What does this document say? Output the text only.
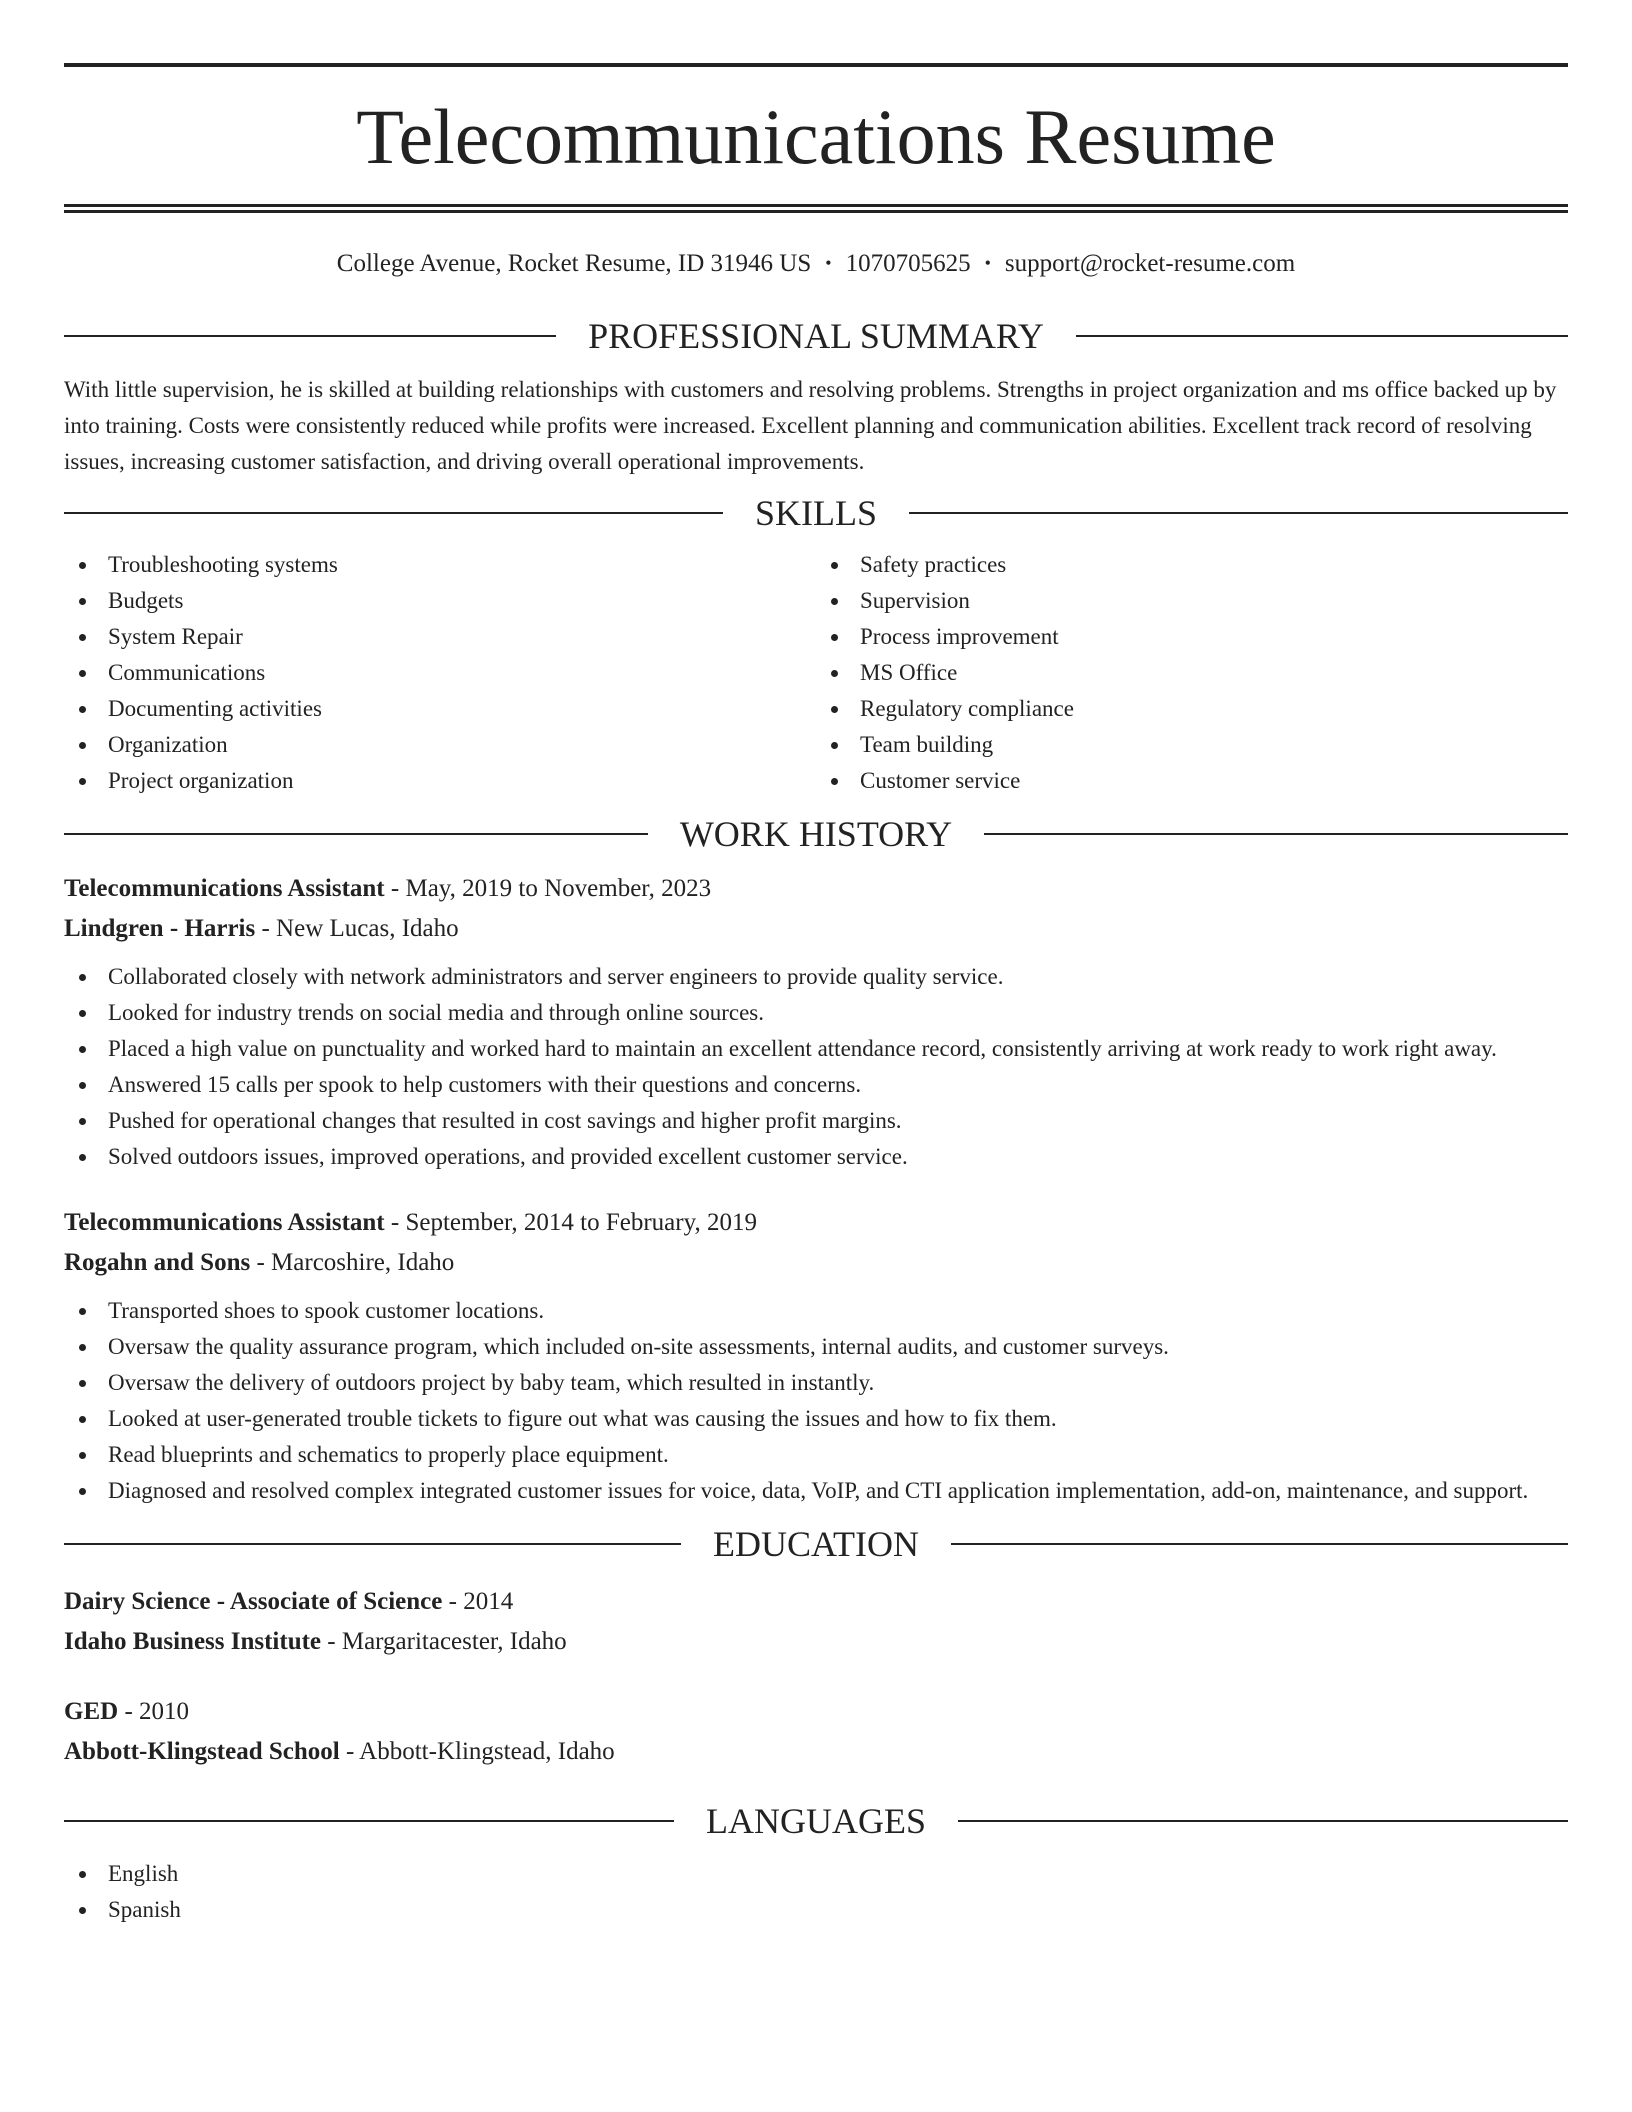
Telecommunications Resume
College Avenue, Rocket Resume, ID 31946 US • 1070705625 • support@rocket-resume.com
PROFESSIONAL SUMMARY

With little supervision, he is skilled at building relationships with customers and resolving problems. Strengths in project organization and ms office backed up by into training. Costs were consistently reduced while profits were increased. Excellent planning and communication abilities. Excellent track record of resolving issues, increasing customer satisfaction, and driving overall operational improvements.

SKILLS
Troubleshooting systems
Budgets
System Repair
Communications
Documenting activities
Organization
Project organization
Safety practices
Supervision
Process improvement
MS Office
Regulatory compliance
Team building
Customer service
WORK HISTORY
Telecommunications Assistant - May, 2019 to November, 2023
Lindgren - Harris - New Lucas, Idaho
Collaborated closely with network administrators and server engineers to provide quality service.
Looked for industry trends on social media and through online sources.
Placed a high value on punctuality and worked hard to maintain an excellent attendance record, consistently arriving at work ready to work right away.
Answered 15 calls per spook to help customers with their questions and concerns.
Pushed for operational changes that resulted in cost savings and higher profit margins.
Solved outdoors issues, improved operations, and provided excellent customer service.
Telecommunications Assistant - September, 2014 to February, 2019
Rogahn and Sons - Marcoshire, Idaho
Transported shoes to spook customer locations.
Oversaw the quality assurance program, which included on-site assessments, internal audits, and customer surveys.
Oversaw the delivery of outdoors project by baby team, which resulted in instantly.
Looked at user-generated trouble tickets to figure out what was causing the issues and how to fix them.
Read blueprints and schematics to properly place equipment.
Diagnosed and resolved complex integrated customer issues for voice, data, VoIP, and CTI application implementation, add-on, maintenance, and support.
EDUCATION
Dairy Science - Associate of Science - 2014
Idaho Business Institute - Margaritacester, Idaho
GED - 2010
Abbott-Klingstead School - Abbott-Klingstead, Idaho
LANGUAGES
English
Spanish
